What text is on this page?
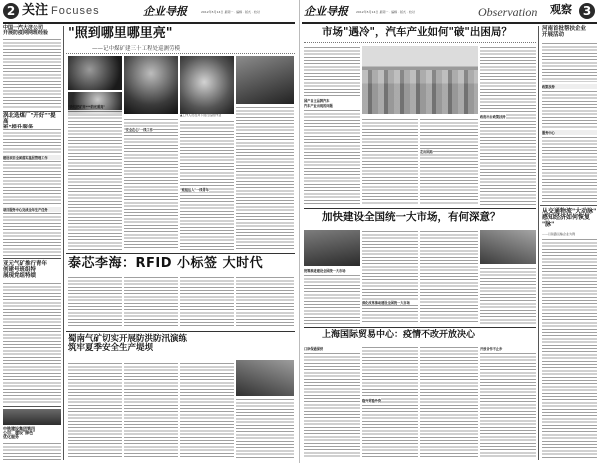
2 关注 Focuses	企业导报	2012年5月14日 星期一 · 编辑 · 版式 · 校对
中国一汽大济公司
开展防疫网网班经验
涡北选煤厂"开好""提高

建设项目全面落实基层管理工作
项目服务中心完成全年生产任务
亚元气矿推行青年
创建号班组特
展现党组特绩
中铁建设集团第四
公司：建设"绿色"
优化服务
"照到哪里哪里亮"
——记中煤矿建三十工程处巡测劳模
▲工作人员在井下进行巡检作业
"我们把矿井***的光照亮"
"安全在心"一线工作
"班组达人"一线青年
泰芯李海：RFID 小标签 大时代
蜀南气矿切实开展防洪防汛演练
筑牢夏季安全生产堤坝
企业导报	2012年5月14日 星期一 · 编辑 · 版式 · 校对	Observation 观察 3
市场"遇冷"，汽车产业如何"破"出困局？
国产自主品牌汽车
汽车产业出现的问题
走出困局
政府出台政策扶持
河南首批帮扶企业
开展活动
政策扶持
服务中心
从交通物流"大动脉"
感知经济如何恢复
"脉"
——以铁路运输企业为例
加快建设全国统一大市场，有何深意？
统筹推进建设全国统一大市场
深化改革推动建设全国统一大市场
上海国际贸易中心：疫情不改开放决心
口岸保通保供
稳外贸稳外资
开放合作不止步
